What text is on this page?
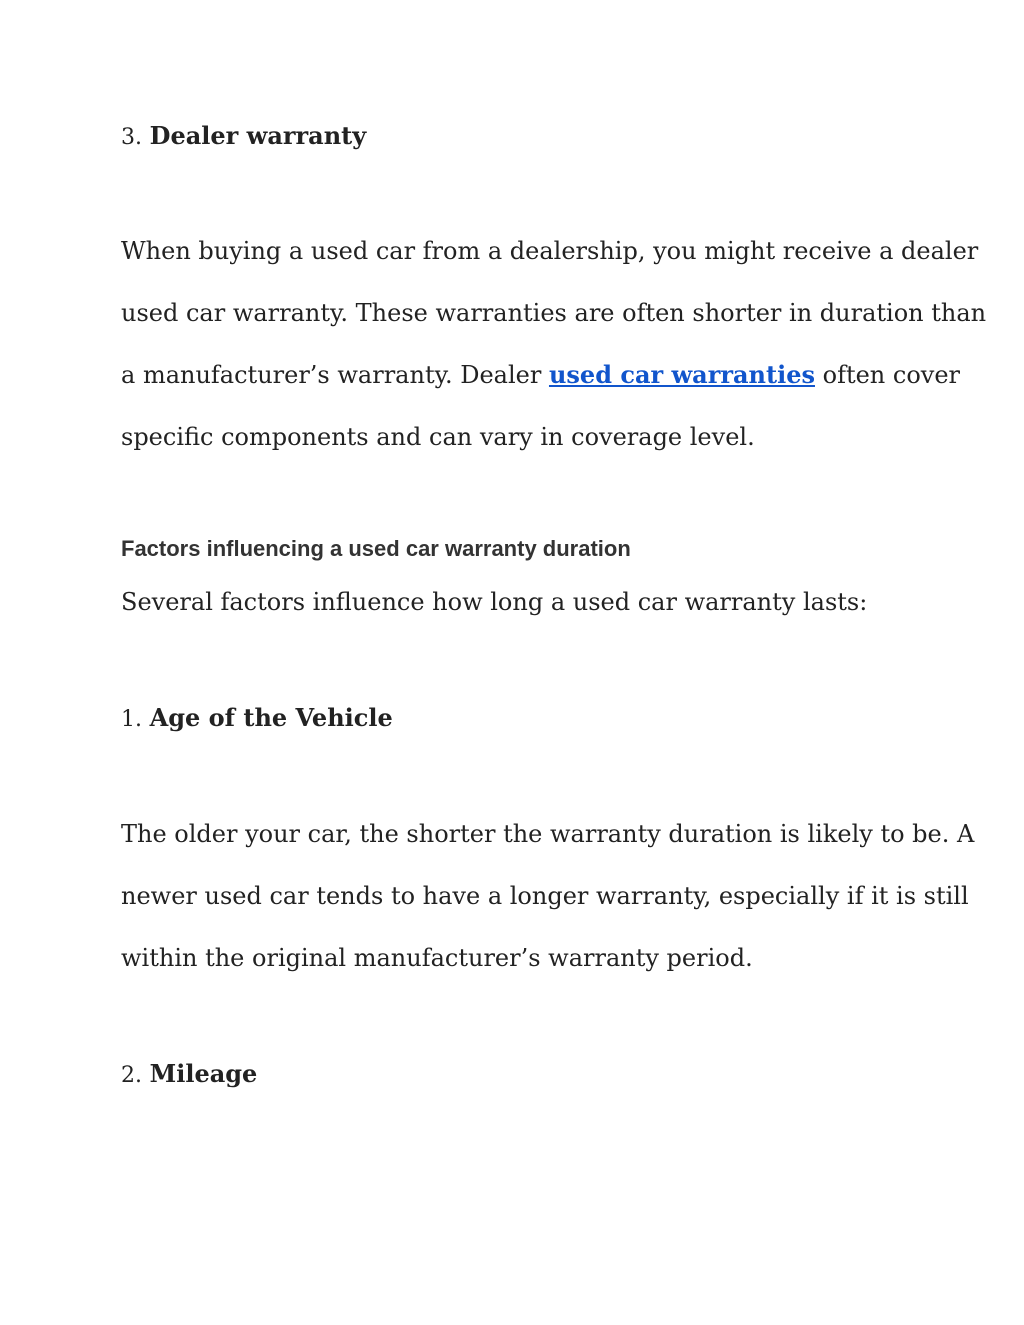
3. Dealer warranty
When buying a used car from a dealership, you might receive a dealer
used car warranty. These warranties are often shorter in duration than
a manufacturer’s warranty. Dealer used car warranties often cover
specific components and can vary in coverage level.
Factors influencing a used car warranty duration
Several factors influence how long a used car warranty lasts:
1. Age of the Vehicle
The older your car, the shorter the warranty duration is likely to be. A
newer used car tends to have a longer warranty, especially if it is still
within the original manufacturer’s warranty period.
2. Mileage
